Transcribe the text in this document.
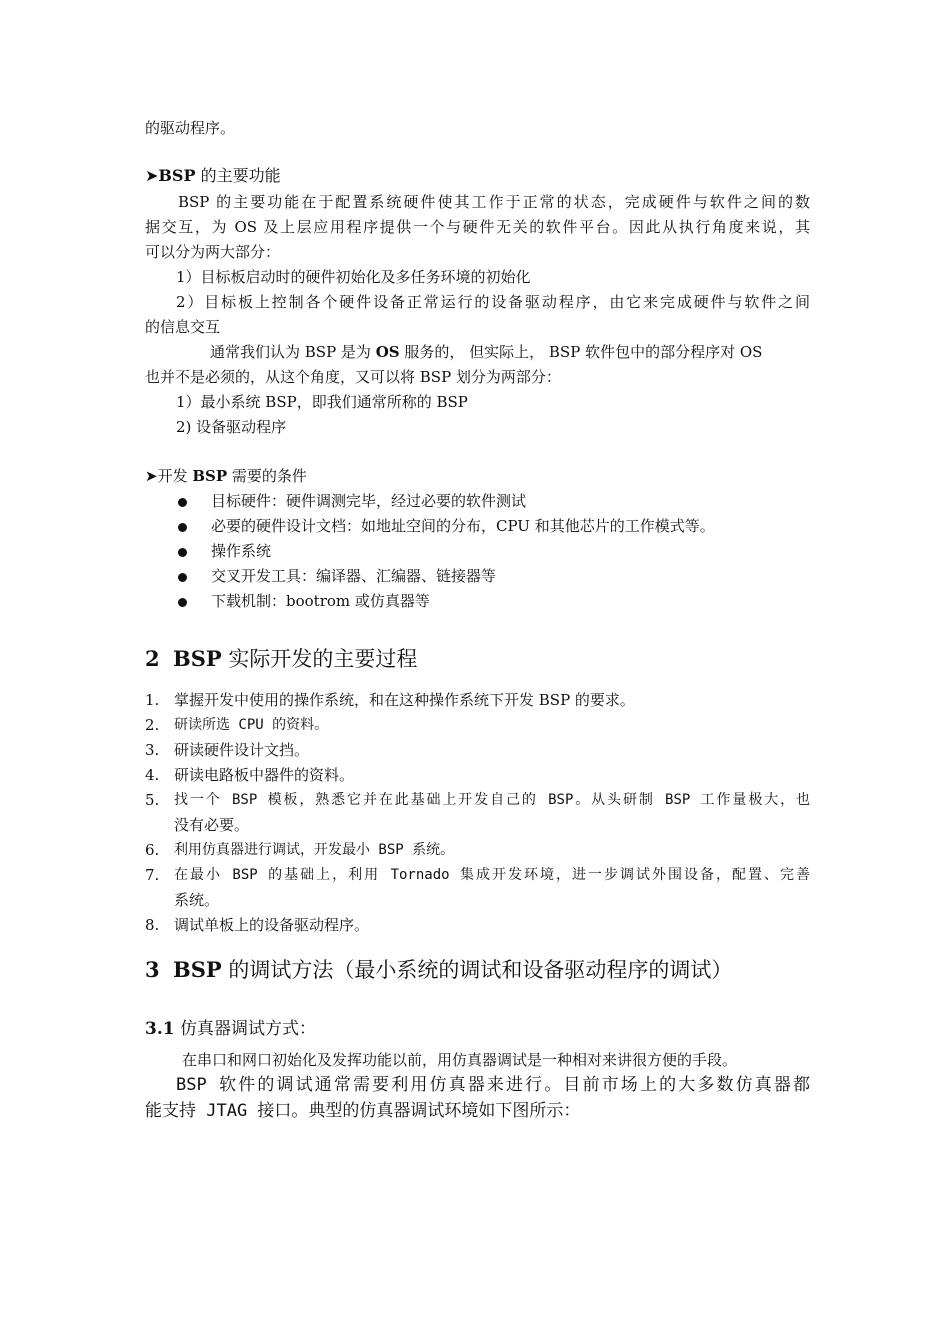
的驱动程序。
➤BSP 的主要功能
BSP 的主要功能在于配置系统硬件使其工作于正常的状态，完成硬件与软件之间的数
据交互，为 OS 及上层应用程序提供一个与硬件无关的软件平台。因此从执行角度来说，其
可以分为两大部分：
1）目标板启动时的硬件初始化及多任务环境的初始化
2）目标板上控制各个硬件设备正常运行的设备驱动程序，由它来完成硬件与软件之间
的信息交互
通常我们认为 BSP 是为 OS 服务的， 但实际上， BSP 软件包中的部分程序对 OS
也并不是必须的，从这个角度，又可以将 BSP 划分为两部分：
1）最小系统 BSP，即我们通常所称的 BSP
2) 设备驱动程序
➤开发 BSP 需要的条件
目标硬件：硬件调测完毕，经过必要的软件测试
必要的硬件设计文档：如地址空间的分布，CPU 和其他芯片的工作模式等。
操作系统
交叉开发工具：编译器、汇编器、链接器等
下载机制：bootrom 或仿真器等
2 BSP 实际开发的主要过程
1. 掌握开发中使用的操作系统，和在这种操作系统下开发 BSP 的要求。
2.	研读所选 CPU 的资料。
3. 研读硬件设计文挡。
4. 研读电路板中器件的资料。
5.	找一个 BSP 模板，熟悉它并在此基础上开发自己的 BSP。从头研制 BSP 工作量极大，也
没有必要。
6.	利用仿真器进行调试，开发最小 BSP 系统。
7.	在最小 BSP 的基础上，利用 Tornado 集成开发环境，进一步调试外围设备，配置、完善
系统。
8. 调试单板上的设备驱动程序。
3 BSP 的调试方法（最小系统的调试和设备驱动程序的调试）
3.1 仿真器调试方式：
在串口和网口初始化及发挥功能以前，用仿真器调试是一种相对来讲很方便的手段。
BSP 软件的调试通常需要利用仿真器来进行。目前市场上的大多数仿真器都
能支持 JTAG 接口。典型的仿真器调试环境如下图所示：
